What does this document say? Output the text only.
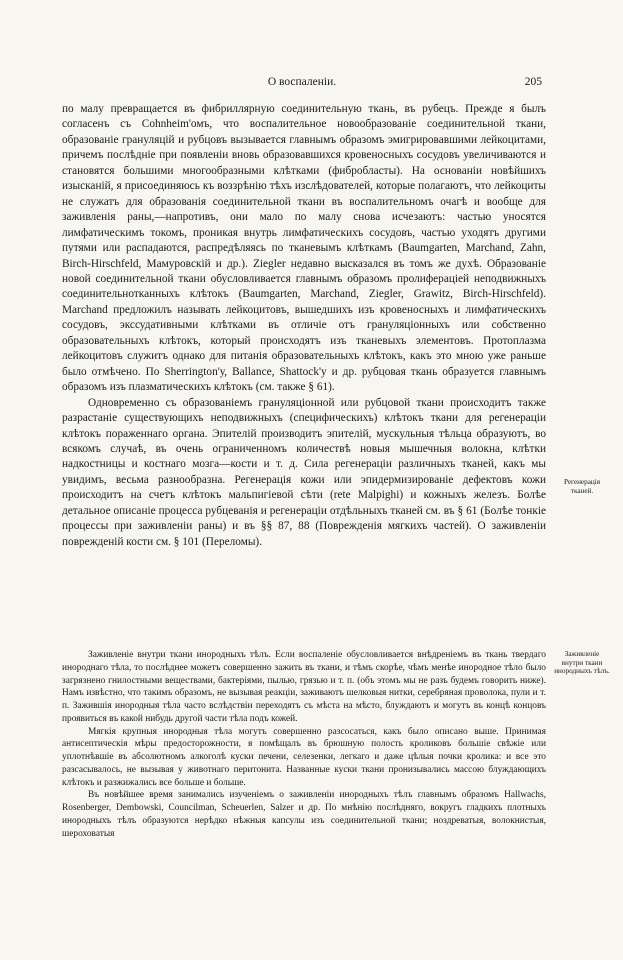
О воспаленіи.	205

по малу превращается въ фибриллярную соединительную ткань, въ рубецъ. Прежде я былъ согласенъ съ Cohnheim'омъ, что воспалительное новообразованіе соединительной ткани, образованіе грануляцій и рубцовъ вызывается главнымъ образомъ эмигрировавшими лейкоцитами, причемъ послѣдніе при появленіи вновь образовавшихся кровеносныхъ сосудовъ увеличиваются и становятся большими многообразными клѣтками (фибробласты). На основаніи новѣйшихъ изысканій, я присоединяюсь къ воззрѣнію тѣхъ изслѣдователей, которые полагаютъ, что лейкоциты не служатъ для образованія соединительной ткани въ воспалительномъ очагѣ и вообще для заживленія раны,—напротивъ, они мало по малу снова исчезаютъ: частью уносятся лимфатическимъ токомъ, проникая внутрь лимфатическихъ сосудовъ, частью уходятъ другими путями или распадаются, распредѣляясь по тканевымъ клѣткамъ (Baumgarten, Marchand, Zahn, Birch-Hirschfeld, Мамуровскій и др.). Ziegler недавно высказался въ томъ же духѣ. Образованіе новой соединительной ткани обусловливается главнымъ образомъ пролифераціей неподвижныхъ соединительнотканныхъ клѣтокъ (Baumgarten, Marchand, Ziegler, Grawitz, Birch-Hirschfeld). Marchand предложилъ называть лейкоцитовъ, вышедшихъ изъ кровеносныхъ и лимфатическихъ сосудовъ, экссудативными клѣтками въ отличіе отъ грануляціонныхъ или собственно образовательныхъ клѣтокъ, который происходятъ изъ тканевыхъ элементовъ. Протоплазма лейкоцитовъ служитъ однако для питанія образовательныхъ клѣтокъ, какъ это мною уже раньше было отмѣчено. По Sherrington'у, Ballance, Shattock'у и др. рубцовая ткань образуется главнымъ образомъ изъ плазматическихъ клѣтокъ (см. также § 61).

Одновременно съ образованіемъ грануляціонной или рубцовой ткани происходитъ также разрастаніе существующихъ неподвижныхъ (специфическихъ) клѣтокъ ткани для регенераціи клѣтокъ пораженнаго органа. Эпителій производитъ эпителій, мускульныя тѣльца образуютъ, во всякомъ случаѣ, въ очень ограниченномъ количествѣ новыя мышечныя волокна, клѣтки надкостницы и костнаго мозга—кости и т. д. Сила регенераціи различныхъ тканей, какъ мы увидимъ, весьма разнообразна. Регенерація кожи или эпидермизированіе дефектовъ кожи происходитъ на счетъ клѣтокъ мальпигіевой сѣти (rete Malpighi) и кожныхъ железъ. Болѣе детальное описаніе процесса рубцеванія и регенераціи отдѣльныхъ тканей см. въ § 61 (Болѣе тонкіе процессы при заживленіи раны) и въ §§ 87, 88 (Поврежденія мягкихъ частей). О заживленіи поврежденій кости см. § 101 (Переломы).

Регенерація тканей.

Заживленіе внутри ткани инородныхъ тѣлъ. Если воспаленіе обусловливается внѣдреніемъ въ ткань твердаго инороднаго тѣла, то послѣднее можетъ совершенно зажить въ ткани, и тѣмъ скорѣе, чѣмъ менѣе инородное тѣло было загрязнено гнилостными веществами, бактеріями, пылью, грязью и т. п. (объ этомъ мы не разъ будемъ говорить ниже). Намъ извѣстно, что такимъ образомъ, не вызывая реакціи, заживаютъ шелковыя нитки, серебряная проволока, пули и т. п. Зажившія инородныя тѣла часто вслѣдствіи переходятъ съ мѣста на мѣсто, блуждаютъ и могутъ въ концѣ концовъ проявиться въ какой нибудь другой части тѣла подъ кожей.

Мягкія крупныя инородныя тѣла могутъ совершенно разсосаться, какъ было описано выше. Принимая антисептическія мѣры предосторожности, я помѣщалъ въ брюшную полость кроликовъ большіе свѣжіе или уплотнѣвшіе въ абсолютномъ алкоголѣ куски печени, селезенки, легкаго и даже цѣлыя почки кролика: и все это разсасывалось, не вызывая у животнаго перитонита. Названные куски ткани пронизывались массою блуждающихъ клѣтокъ и разжижались все больше и больше.

Въ новѣйшее время занимались изученіемъ о заживленіи инородныхъ тѣлъ главнымъ образомъ Hallwachs, Rosenberger, Dembowski, Councilman, Scheuerlen, Salzer и др. По мнѣнію послѣдняго, вокругъ гладкихъ плотныхъ инородныхъ тѣлъ образуются нерѣдко нѣжныя капсулы изъ соединительной ткани; ноздреватыя, волокнистыя, шероховатыя

Заживленіе внутри ткани инородныхъ тѣлъ.
